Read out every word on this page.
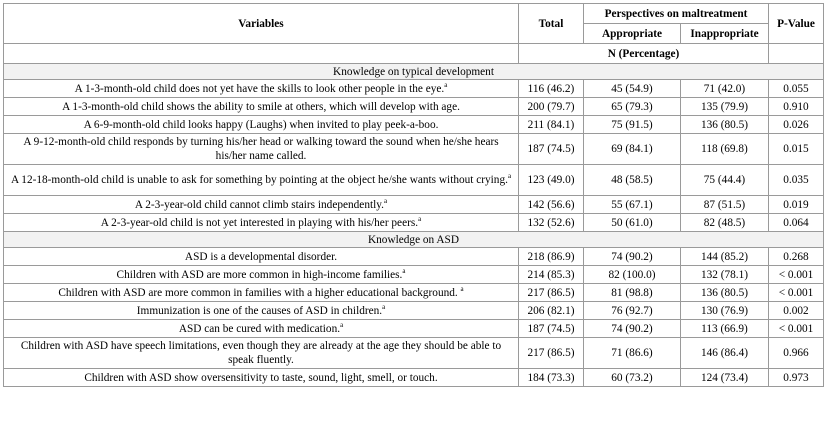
Variables	Total	Perspectives on maltreatment		P-Value
		Appropriate	Inappropriate	
	N (Percentage)			
Knowledge on typical development				
A 1-3-month-old child does not yet have the skills to look other people in the eye.$^a$	116 (46.2)	45 (54.9)	71 (42.0)	0.055
A 1-3-month-old child shows the ability to smile at others, which will develop with age.	200 (79.7)	65 (79.3)	135 (79.9)	0.910
A 6-9-month-old child looks happy (Laughs) when invited to play peek-a-boo.	211 (84.1)	75 (91.5)	136 (80.5)	0.026
A 9-12-month-old child responds by turning his/her head or walking toward the sound when he/she hears his/her name called.	187 (74.5)	69 (84.1)	118 (69.8)	0.015
A 12-18-month-old child is unable to ask for something by pointing at the object he/she wants without crying.$^a$	123 (49.0)	48 (58.5)	75 (44.4)	0.035
A 2-3-year-old child cannot climb stairs independently.$^a$	142 (56.6)	55 (67.1)	87 (51.5)	0.019
A 2-3-year-old child is not yet interested in playing with his/her peers.$^a$	132 (52.6)	50 (61.0)	82 (48.5)	0.064
Knowledge on ASD				
ASD is a developmental disorder.	218 (86.9)	74 (90.2)	144 (85.2)	0.268
Children with ASD are more common in high-income families.$^a$	214 (85.3)	82 (100.0)	132 (78.1)	< 0.001
Children with ASD are more common in families with a higher educational background. $^a$	217 (86.5)	81 (98.8)	136 (80.5)	< 0.001
Immunization is one of the causes of ASD in children.$^a$	206 (82.1)	76 (92.7)	130 (76.9)	0.002
ASD can be cured with medication.$^a$	187 (74.5)	74 (90.2)	113 (66.9)	< 0.001
Children with ASD have speech limitations, even though they are already at the age they should be able to speak fluently.	217 (86.5)	71 (86.6)	146 (86.4)	0.966
Children with ASD show oversensitivity to taste, sound, light, smell, or touch.	184 (73.3)	60 (73.2)	124 (73.4)	0.973
